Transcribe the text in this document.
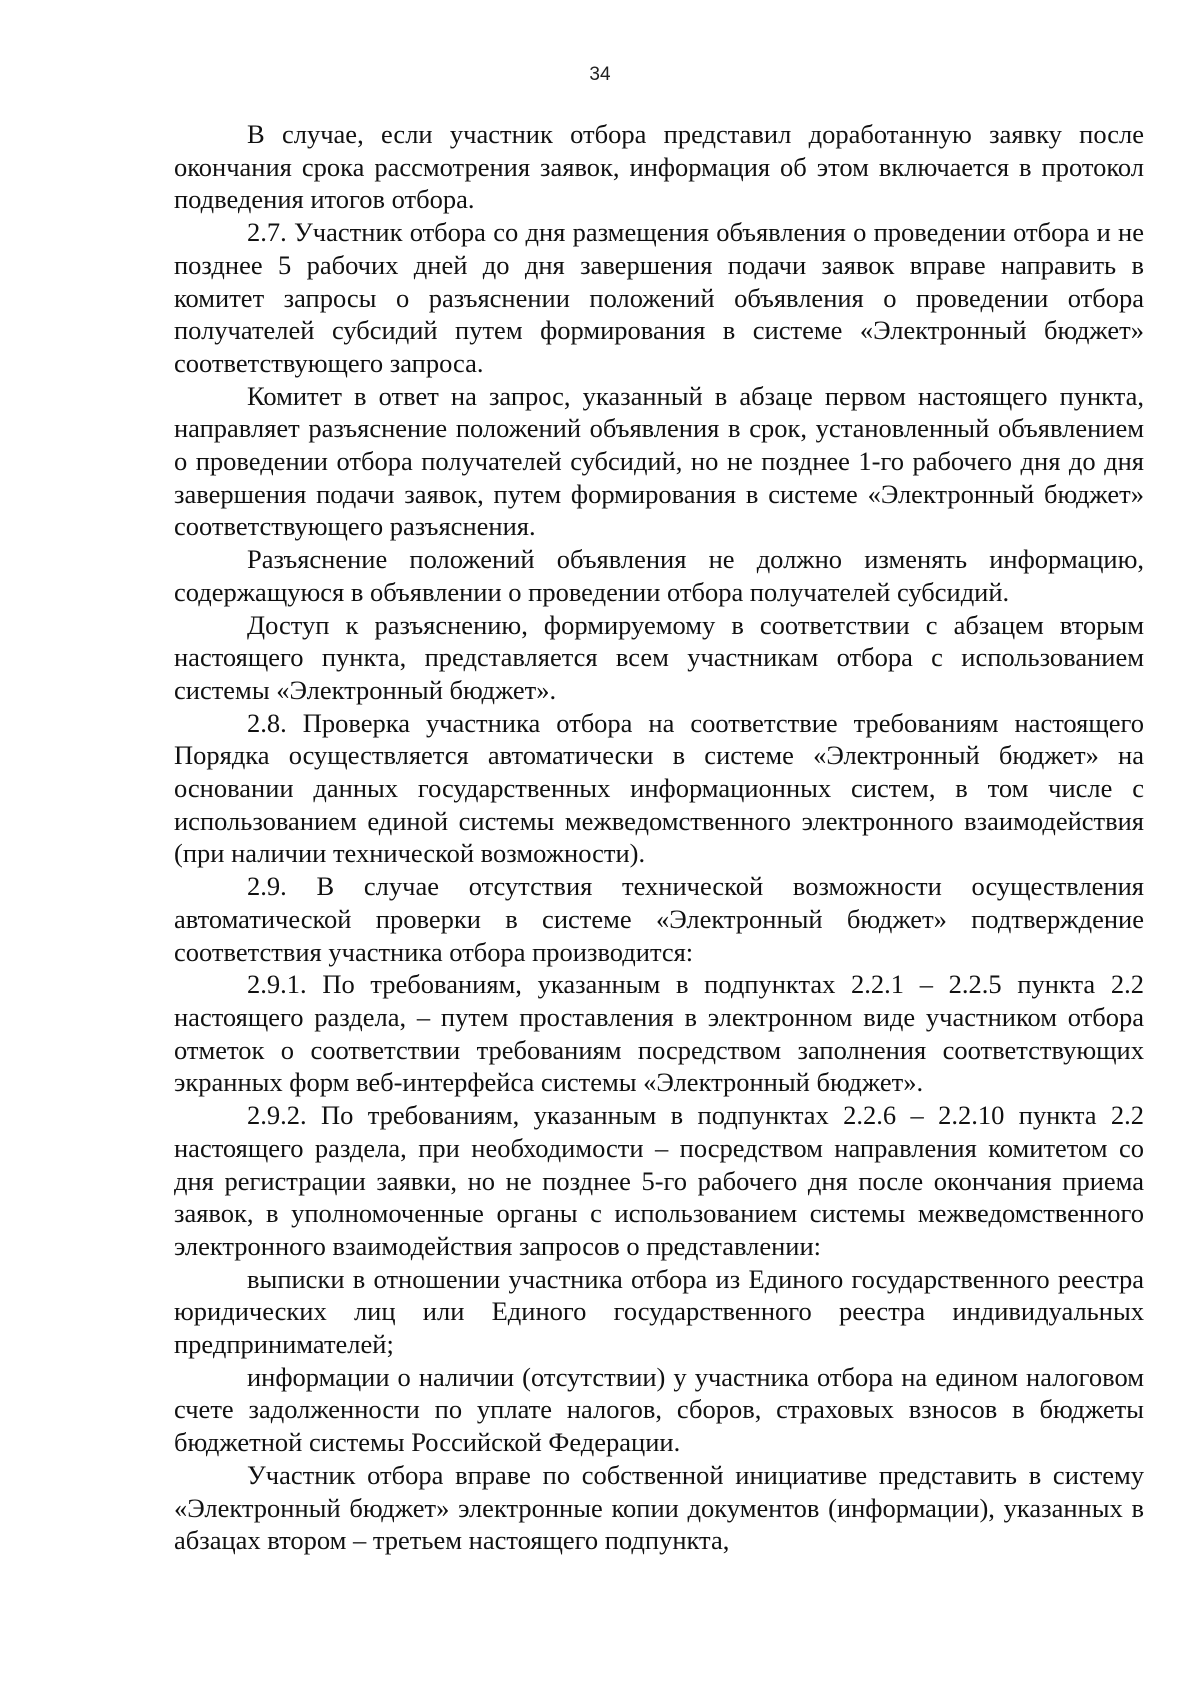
34

В случае, если участник отбора представил доработанную заявку после окончания срока рассмотрения заявок, информация об этом включается в протокол подведения итогов отбора.

2.7. Участник отбора со дня размещения объявления о проведении отбора и не позднее 5 рабочих дней до дня завершения подачи заявок вправе направить в комитет запросы о разъяснении положений объявления о проведении отбора получателей субсидий путем формирования в системе «Электронный бюджет» соответствующего запроса.

Комитет в ответ на запрос, указанный в абзаце первом настоящего пункта, направляет разъяснение положений объявления в срок, установленный объявлением о проведении отбора получателей субсидий, но не позднее 1-го рабочего дня до дня завершения подачи заявок, путем формирования в системе «Электронный бюджет» соответствующего разъяснения.

Разъяснение положений объявления не должно изменять информацию, содержащуюся в объявлении о проведении отбора получателей субсидий.

Доступ к разъяснению, формируемому в соответствии с абзацем вторым настоящего пункта, представляется всем участникам отбора с использованием системы «Электронный бюджет».

2.8. Проверка участника отбора на соответствие требованиям настоящего Порядка осуществляется автоматически в системе «Электронный бюджет» на основании данных государственных информационных систем, в том числе с использованием единой системы межведомственного электронного взаимодействия (при наличии технической возможности).

2.9. В случае отсутствия технической возможности осуществления автоматической проверки в системе «Электронный бюджет» подтверждение соответствия участника отбора производится:

2.9.1. По требованиям, указанным в подпунктах 2.2.1 – 2.2.5 пункта 2.2 настоящего раздела, – путем проставления в электронном виде участником отбора отметок о соответствии требованиям посредством заполнения соответствующих экранных форм веб-интерфейса системы «Электронный бюджет».

2.9.2. По требованиям, указанным в подпунктах 2.2.6 – 2.2.10 пункта 2.2 настоящего раздела, при необходимости – посредством направления комитетом со дня регистрации заявки, но не позднее 5-го рабочего дня после окончания приема заявок, в уполномоченные органы с использованием системы межведомственного электронного взаимодействия запросов о представлении:

выписки в отношении участника отбора из Единого государственного реестра юридических лиц или Единого государственного реестра индивидуальных предпринимателей;

информации о наличии (отсутствии) у участника отбора на едином налоговом счете задолженности по уплате налогов, сборов, страховых взносов в бюджеты бюджетной системы Российской Федерации.

Участник отбора вправе по собственной инициативе представить в систему «Электронный бюджет» электронные копии документов (информации), указанных в абзацах втором – третьем настоящего подпункта,
